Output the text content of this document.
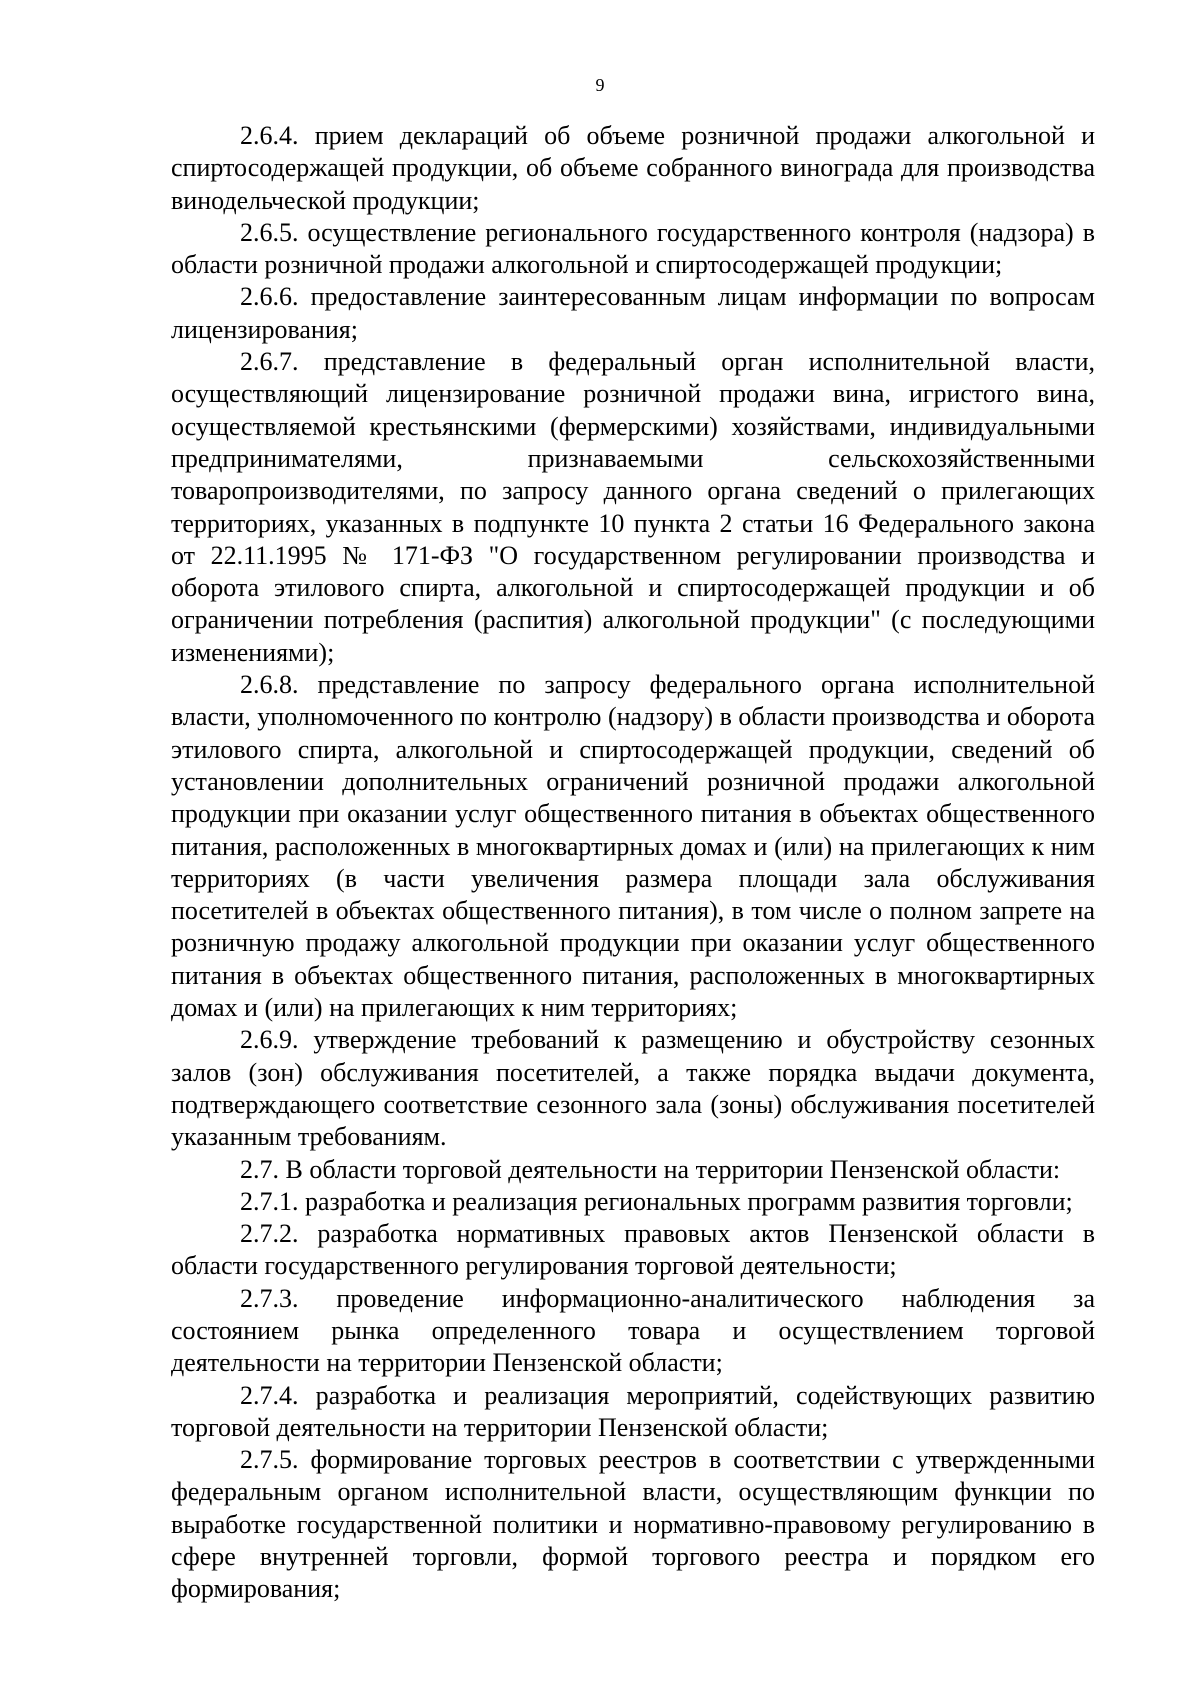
9

2.6.4. прием деклараций об объеме розничной продажи алкогольной и спиртосодержащей продукции, об объеме собранного винограда для производства винодельческой продукции;

2.6.5. осуществление регионального государственного контроля (надзора) в области розничной продажи алкогольной и спиртосодержащей продукции;

2.6.6. предоставление заинтересованным лицам информации по вопросам лицензирования;

2.6.7. представление в федеральный орган исполнительной власти, осуществляющий лицензирование розничной продажи вина, игристого вина, осуществляемой крестьянскими (фермерскими) хозяйствами, индивидуальными предпринимателями, признаваемыми сельскохозяйственными товаропроизводителями, по запросу данного органа сведений о прилегающих территориях, указанных в подпункте 10 пункта 2 статьи 16 Федерального закона от 22.11.1995 № 171-ФЗ "О государственном регулировании производства и оборота этилового спирта, алкогольной и спиртосодержащей продукции и об ограничении потребления (распития) алкогольной продукции" (с последующими изменениями);

2.6.8. представление по запросу федерального органа исполнительной власти, уполномоченного по контролю (надзору) в области производства и оборота этилового спирта, алкогольной и спиртосодержащей продукции, сведений об установлении дополнительных ограничений розничной продажи алкогольной продукции при оказании услуг общественного питания в объектах общественного питания, расположенных в многоквартирных домах и (или) на прилегающих к ним территориях (в части увеличения размера площади зала обслуживания посетителей в объектах общественного питания), в том числе о полном запрете на розничную продажу алкогольной продукции при оказании услуг общественного питания в объектах общественного питания, расположенных в многоквартирных домах и (или) на прилегающих к ним территориях;

2.6.9. утверждение требований к размещению и обустройству сезонных залов (зон) обслуживания посетителей, а также порядка выдачи документа, подтверждающего соответствие сезонного зала (зоны) обслуживания посетителей указанным требованиям.

2.7. В области торговой деятельности на территории Пензенской области:

2.7.1. разработка и реализация региональных программ развития торговли;

2.7.2. разработка нормативных правовых актов Пензенской области в области государственного регулирования торговой деятельности;

2.7.3. проведение информационно-аналитического наблюдения за состоянием рынка определенного товара и осуществлением торговой деятельности на территории Пензенской области;

2.7.4. разработка и реализация мероприятий, содействующих развитию торговой деятельности на территории Пензенской области;

2.7.5. формирование торговых реестров в соответствии с утвержденными федеральным органом исполнительной власти, осуществляющим функции по выработке государственной политики и нормативно-правовому регулированию в сфере внутренней торговли, формой торгового реестра и порядком его формирования;
